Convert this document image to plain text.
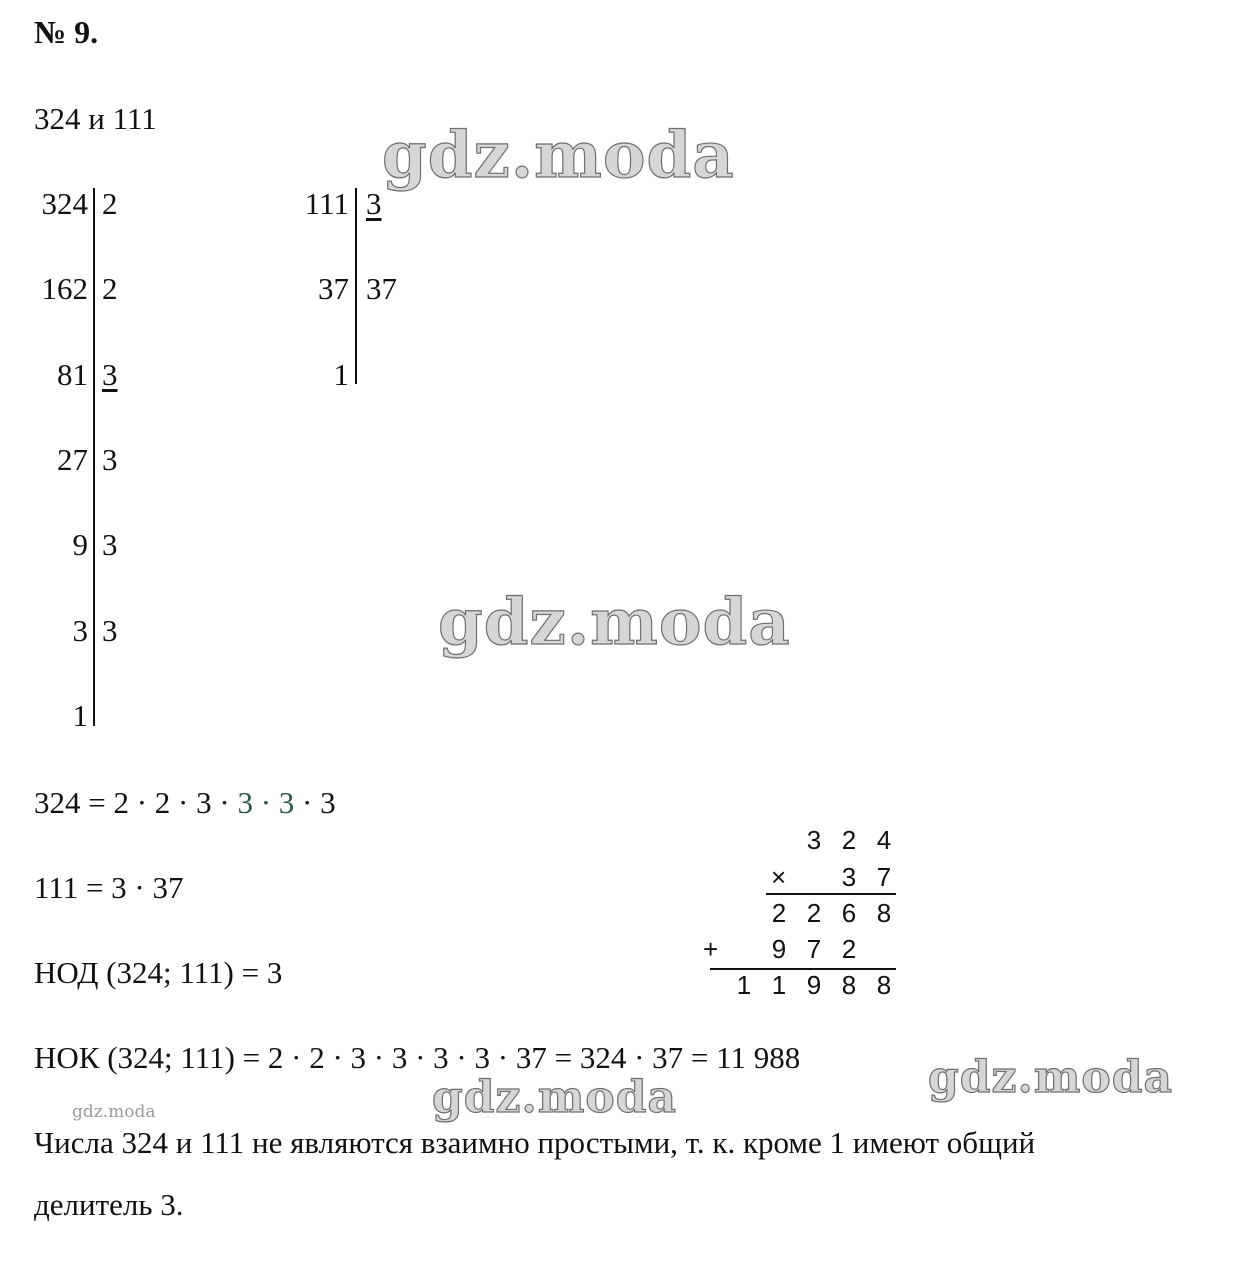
№ 9.
324 и 111
324 2
162 2
81 3
27 3
9 3
3 3
1
111 3
37 37
1
324 = 2 · 2 · 3 · 3 · 3 · 3
111 = 3 · 37
НОД (324; 111) = 3
НОК (324; 111) = 2 · 2 · 3 · 3 · 3 · 3 · 37 = 324 · 37 = 11 988
3 2 4
3 7
2 2 6 8
9 7 2
1 1 9 8 8
×
+
Числа 324 и 111 не являются взаимно простыми, т. к. кроме 1 имеют общий
делитель 3.
gdz.moda
gdz.moda
gdz.moda	gdz.moda
gdz.moda
